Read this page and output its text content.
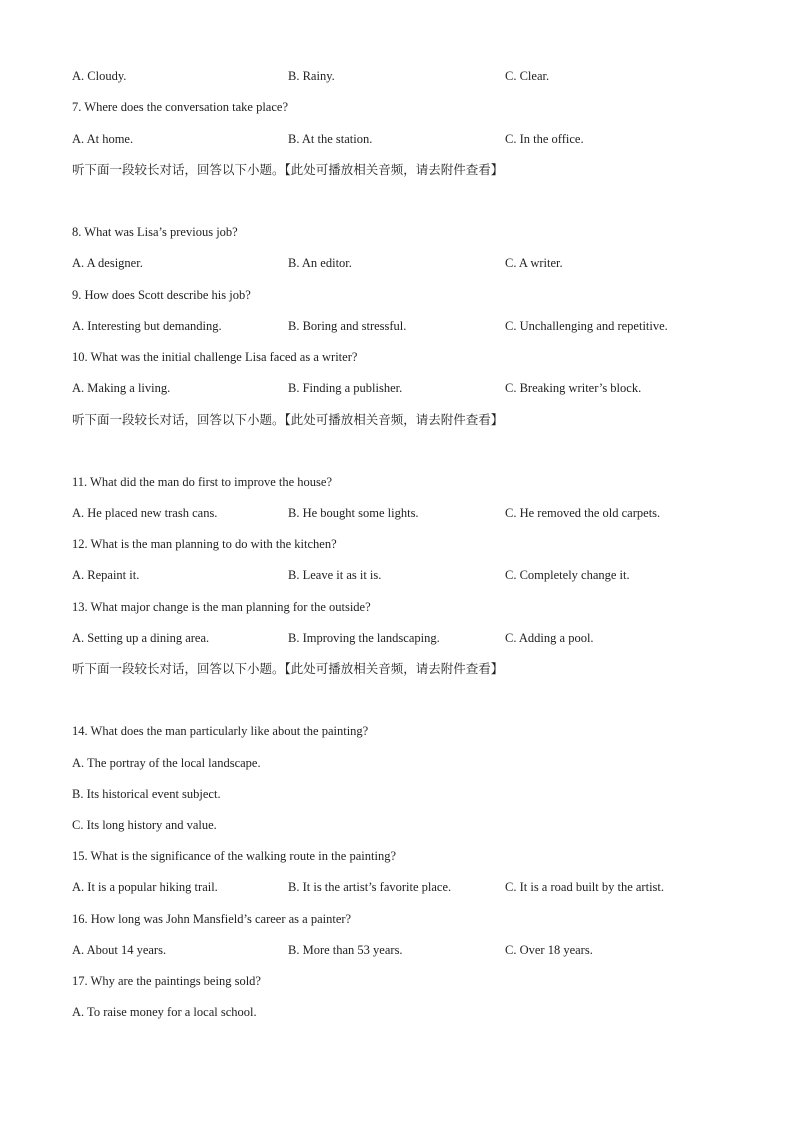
A. Cloudy.	B. Rainy.	C. Clear.
7. Where does the conversation take place?
A. At home.	B. At the station.	C. In the office.
听下面一段较长对话，回答以下小题。【此处可播放相关音频，请去附件查看】
8. What was Lisa’s previous job?
A. A designer.	B. An editor.	C. A writer.
9. How does Scott describe his job?
A. Interesting but demanding.	B. Boring and stressful.	C. Unchallenging and repetitive.
10. What was the initial challenge Lisa faced as a writer?
A. Making a living.	B. Finding a publisher.	C. Breaking writer’s block.
听下面一段较长对话，回答以下小题。【此处可播放相关音频，请去附件查看】
11. What did the man do first to improve the house?
A. He placed new trash cans.	B. He bought some lights.	C. He removed the old carpets.
12. What is the man planning to do with the kitchen?
A. Repaint it.	B. Leave it as it is.	C. Completely change it.
13. What major change is the man planning for the outside?
A. Setting up a dining area.	B. Improving the landscaping.	C. Adding a pool.
听下面一段较长对话，回答以下小题。【此处可播放相关音频，请去附件查看】
14. What does the man particularly like about the painting?
A. The portray of the local landscape.
B. Its historical event subject.
C. Its long history and value.
15. What is the significance of the walking route in the painting?
A. It is a popular hiking trail.	B. It is the artist’s favorite place.	C. It is a road built by the artist.
16. How long was John Mansfield’s career as a painter?
A. About 14 years.	B. More than 53 years.	C. Over 18 years.
17. Why are the paintings being sold?
A. To raise money for a local school.
